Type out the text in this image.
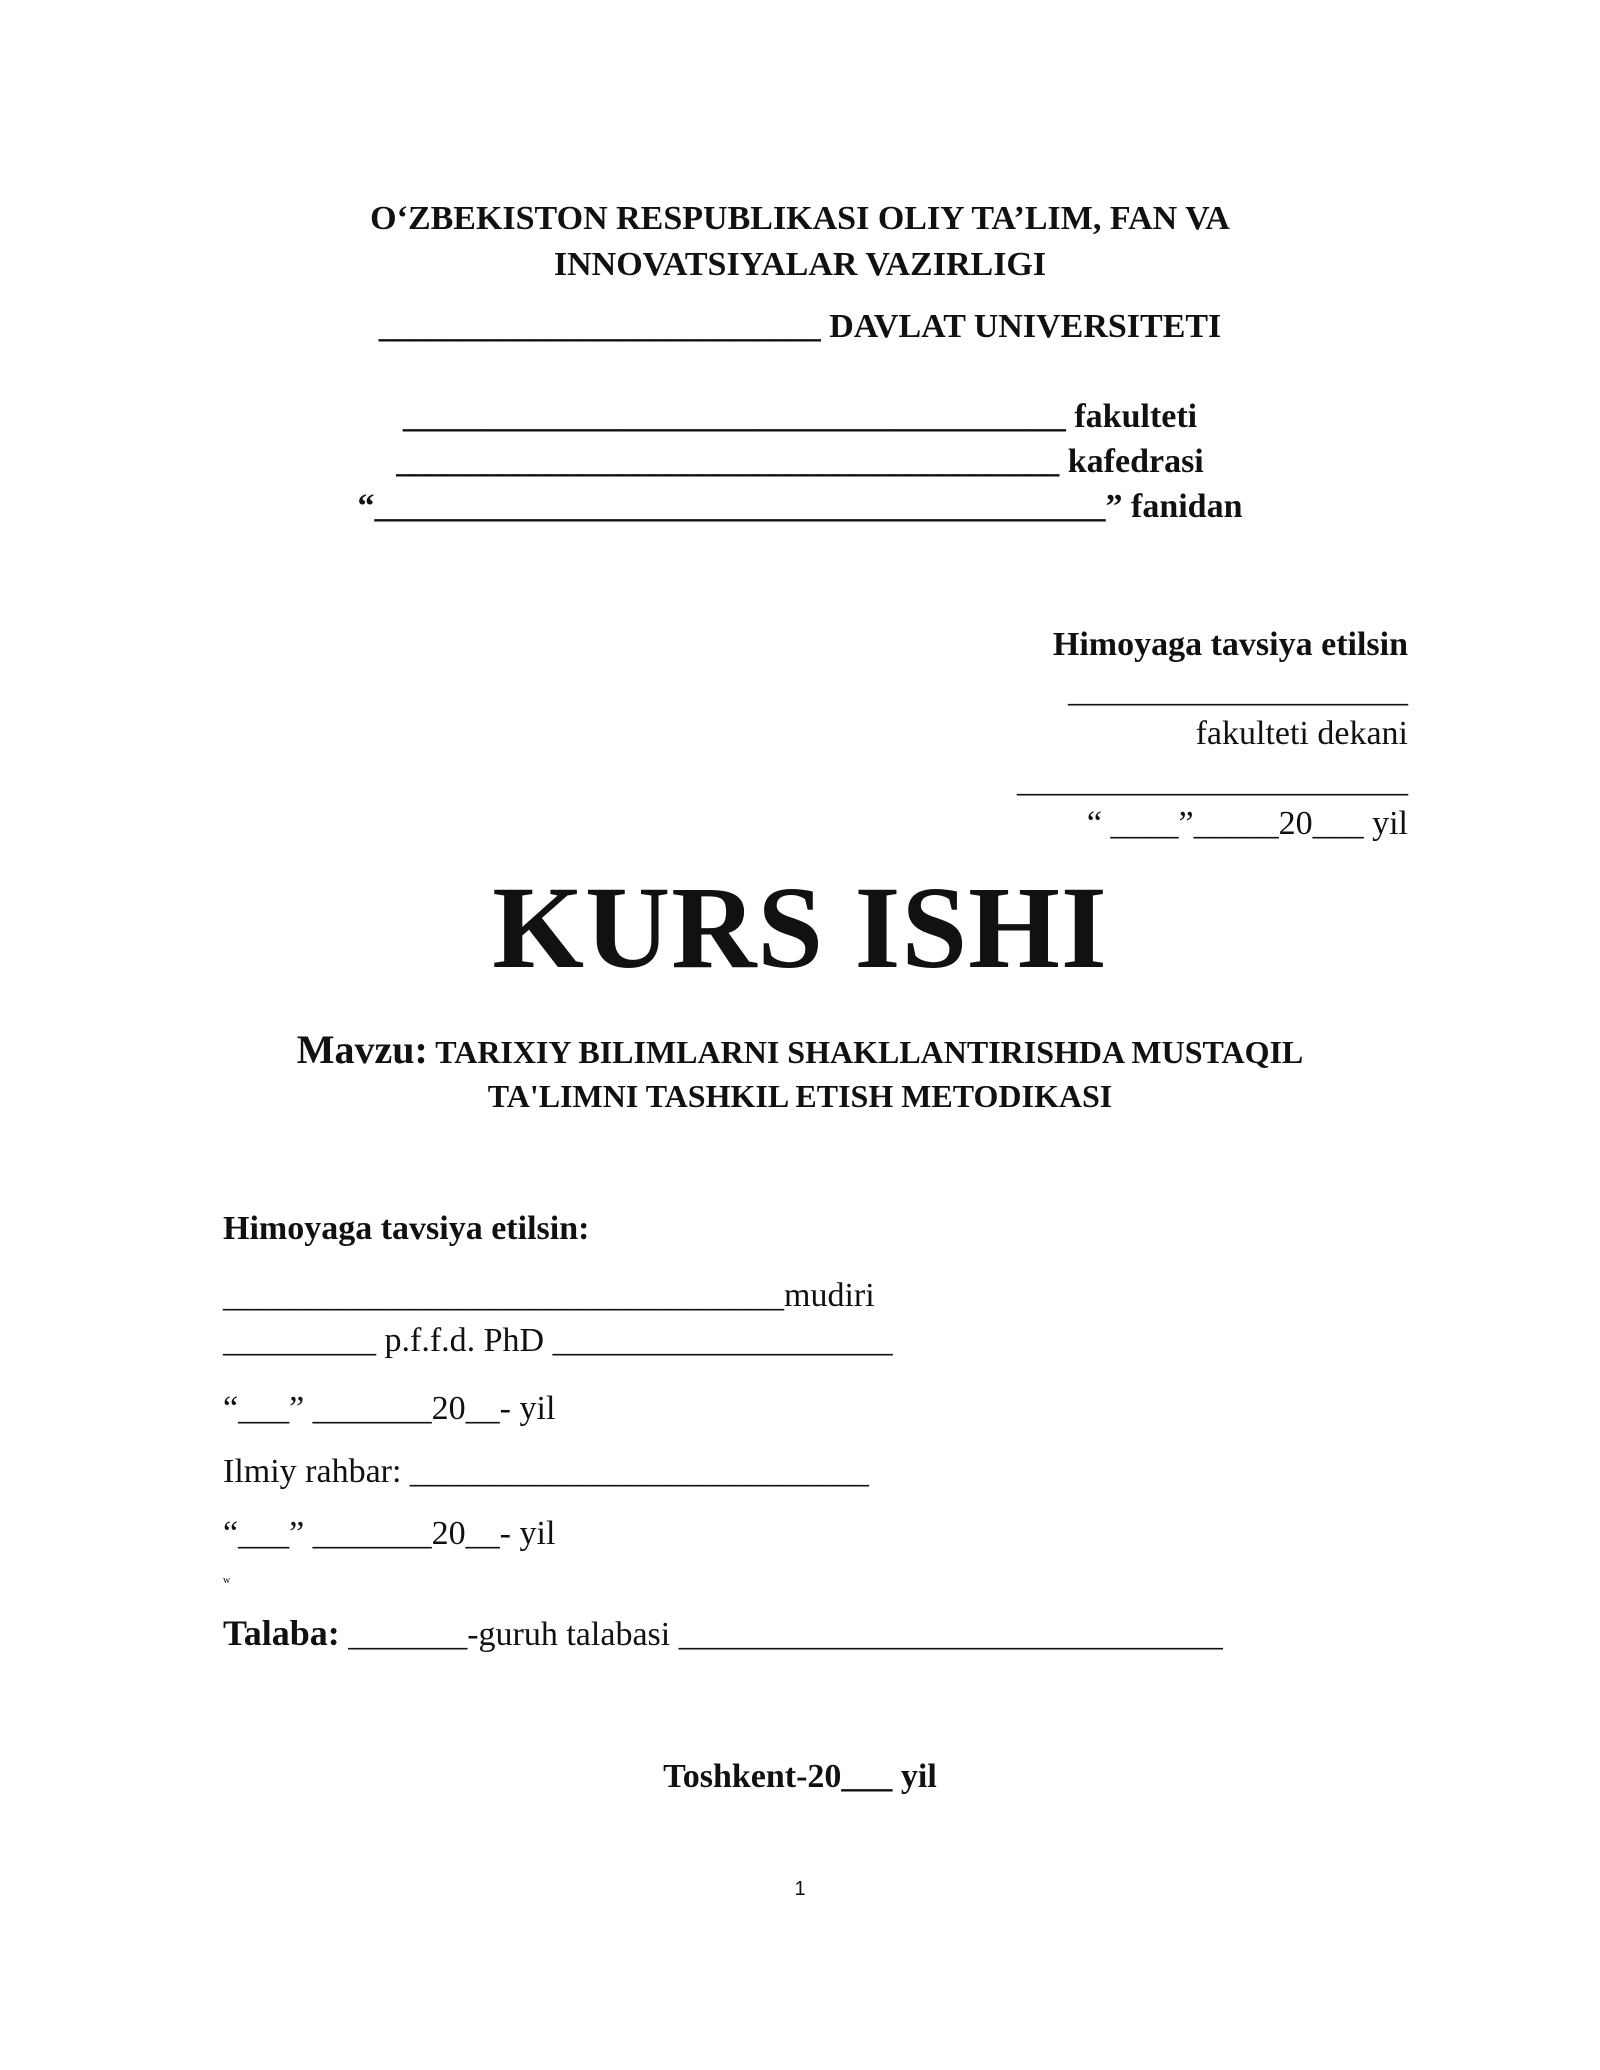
O‘ZBEKISTON RESPUBLIKASI OLIY TA’LIM, FAN VA
INNOVATSIYALAR VAZIRLIGI
__________________________ DAVLAT UNIVERSITETI
_______________________________________ fakulteti
_______________________________________ kafedrasi
“___________________________________________” fanidan
Himoyaga tavsiya etilsin
____________________
fakulteti dekani
_______________________
“ ____”_____20___ yil
KURS ISHI
Mavzu: TARIXIY BILIMLARNI SHAKLLANTIRISHDA MUSTAQIL
TA'LIMNI TASHKIL ETISH METODIKASI
Himoyaga tavsiya etilsin:
_________________________________mudiri
_________ p.f.f.d. PhD ____________________
“___” _______20__- yil
Ilmiy rahbar: ___________________________
“___” _______20__- yil
w
Talaba: _______-guruh talabasi ________________________________
Toshkent-20___ yil
1
